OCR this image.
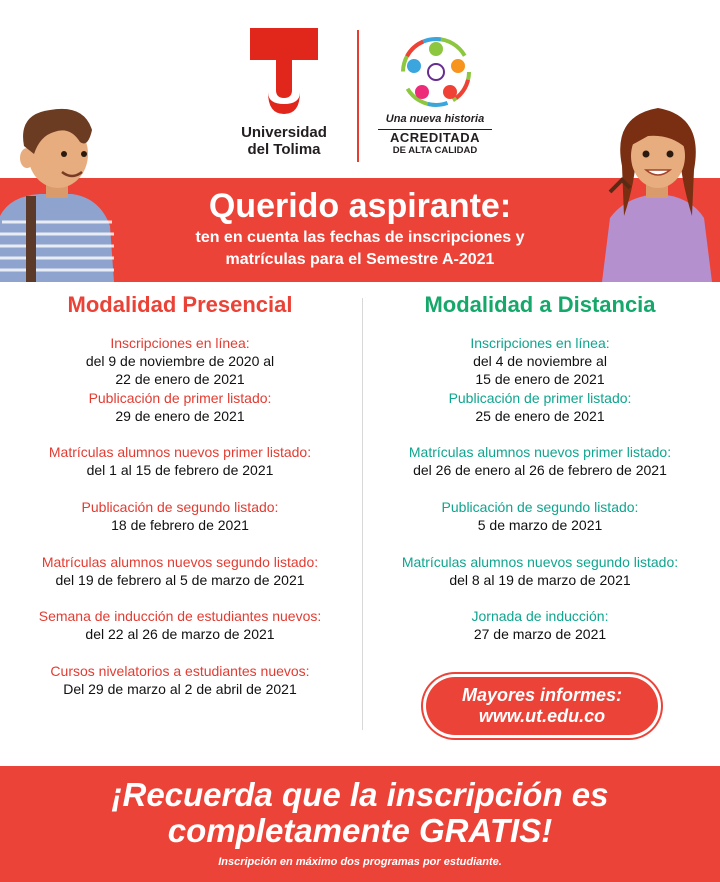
Universidad
del Tolima
Una nueva historia
ACREDITADA
DE ALTA CALIDAD
Querido aspirante:
ten en cuenta las fechas de inscripciones y
matrículas para el Semestre A-2021
Modalidad Presencial
Inscripciones en línea:
del 9 de noviembre de 2020 al
22 de enero de 2021
Publicación de primer listado:
29 de enero de 2021
Matrículas alumnos nuevos primer listado:
del 1 al 15 de febrero de 2021
Publicación de segundo listado:
18 de febrero de 2021
Matrículas alumnos nuevos segundo listado:
del 19 de febrero al 5 de marzo de 2021
Semana de inducción de estudiantes nuevos:
del 22 al 26 de marzo de 2021
Cursos nivelatorios a estudiantes nuevos:
Del 29 de marzo al 2 de abril de 2021
Modalidad a Distancia
Inscripciones en línea:
del 4 de noviembre al
15 de enero de 2021
Publicación de primer listado:
25 de enero de 2021
Matrículas alumnos nuevos primer listado:
del 26 de enero al 26 de febrero de 2021
Publicación de segundo listado:
5 de marzo de 2021
Matrículas alumnos nuevos segundo listado:
del 8 al 19 de marzo de 2021
Jornada de inducción:
27 de marzo de 2021
Mayores informes:
www.ut.edu.co
¡Recuerda que la inscripción es
completamente GRATIS!
Inscripción en máximo dos programas por estudiante.
